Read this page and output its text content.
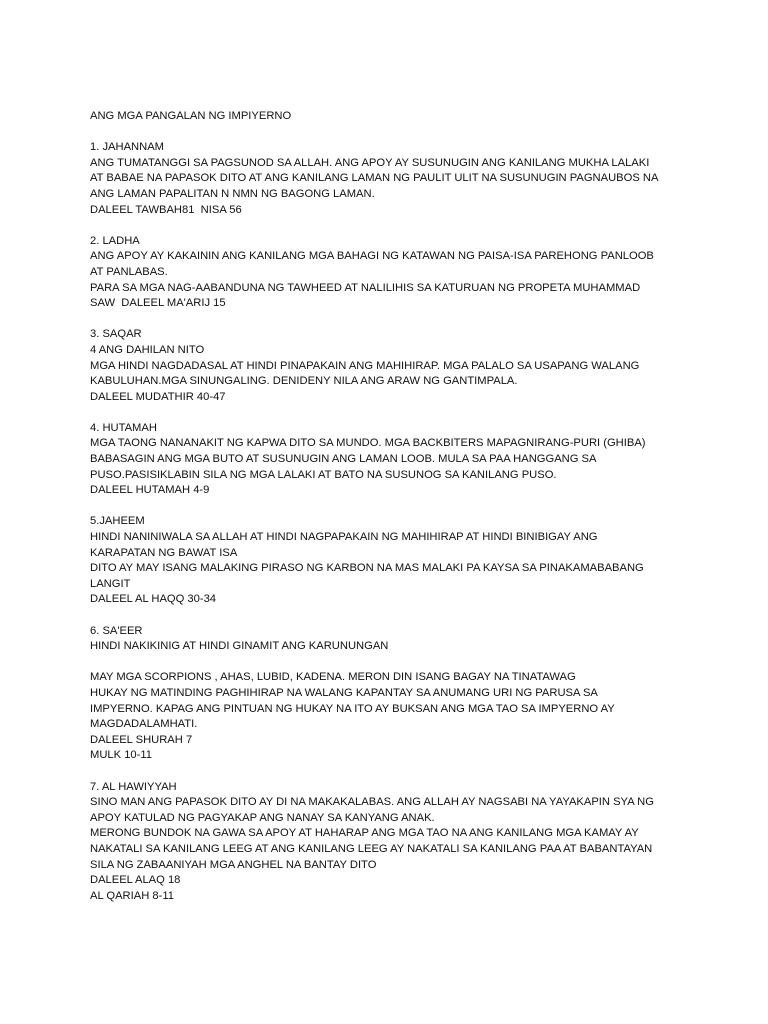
ANG MGA PANGALAN NG IMPIYERNO
1. JAHANNAM
ANG TUMATANGGI SA PAGSUNOD SA ALLAH. ANG APOY AY SUSUNUGIN ANG KANILANG MUKHA LALAKI
AT BABAE NA PAPASOK DITO AT ANG KANILANG LAMAN NG PAULIT ULIT NA SUSUNUGIN PAGNAUBOS NA
ANG LAMAN PAPALITAN N NMN NG BAGONG LAMAN.
DALEEL TAWBAH81  NISA 56
2. LADHA
ANG APOY AY KAKAININ ANG KANILANG MGA BAHAGI NG KATAWAN NG PAISA-ISA PAREHONG PANLOOB
AT PANLABAS.
PARA SA MGA NAG-AABANDUNA NG TAWHEED AT NALILIHIS SA KATURUAN NG PROPETA MUHAMMAD
SAW  DALEEL MA'ARIJ 15
3. SAQAR
4 ANG DAHILAN NITO
MGA HINDI NAGDADASAL AT HINDI PINAPAKAIN ANG MAHIHIRAP. MGA PALALO SA USAPANG WALANG
KABULUHAN.MGA SINUNGALING. DENIDENY NILA ANG ARAW NG GANTIMPALA.
DALEEL MUDATHIR 40-47
4. HUTAMAH
MGA TAONG NANANAKIT NG KAPWA DITO SA MUNDO. MGA BACKBITERS MAPAGNIRANG-PURI (GHIBA)
BABASAGIN ANG MGA BUTO AT SUSUNUGIN ANG LAMAN LOOB. MULA SA PAA HANGGANG SA
PUSO.PASISIKLABIN SILA NG MGA LALAKI AT BATO NA SUSUNOG SA KANILANG PUSO.
DALEEL HUTAMAH 4-9
5.JAHEEM
HINDI NANINIWALA SA ALLAH AT HINDI NAGPAPAKAIN NG MAHIHIRAP AT HINDI BINIBIGAY ANG
KARAPATAN NG BAWAT ISA
DITO AY MAY ISANG MALAKING PIRASO NG KARBON NA MAS MALAKI PA KAYSA SA PINAKAMABABANG
LANGIT
DALEEL AL HAQQ 30-34
6. SA'EER
HINDI NAKIKINIG AT HINDI GINAMIT ANG KARUNUNGAN
MAY MGA SCORPIONS , AHAS, LUBID, KADENA. MERON DIN ISANG BAGAY NA TINATAWAG
HUKAY NG MATINDING PAGHIHIRAP NA WALANG KAPANTAY SA ANUMANG URI NG PARUSA SA
IMPYERNO. KAPAG ANG PINTUAN NG HUKAY NA ITO AY BUKSAN ANG MGA TAO SA IMPYERNO AY
MAGDADALAMHATI.
DALEEL SHURAH 7
MULK 10-11
7. AL HAWIYYAH
SINO MAN ANG PAPASOK DITO AY DI NA MAKAKALABAS. ANG ALLAH AY NAGSABI NA YAYAKAPIN SYA NG
APOY KATULAD NG PAGYAKAP ANG NANAY SA KANYANG ANAK.
MERONG BUNDOK NA GAWA SA APOY AT HAHARAP ANG MGA TAO NA ANG KANILANG MGA KAMAY AY
NAKATALI SA KANILANG LEEG AT ANG KANILANG LEEG AY NAKATALI SA KANILANG PAA AT BABANTAYAN
SILA NG ZABAANIYAH MGA ANGHEL NA BANTAY DITO
DALEEL ALAQ 18
AL QARIAH 8-11
